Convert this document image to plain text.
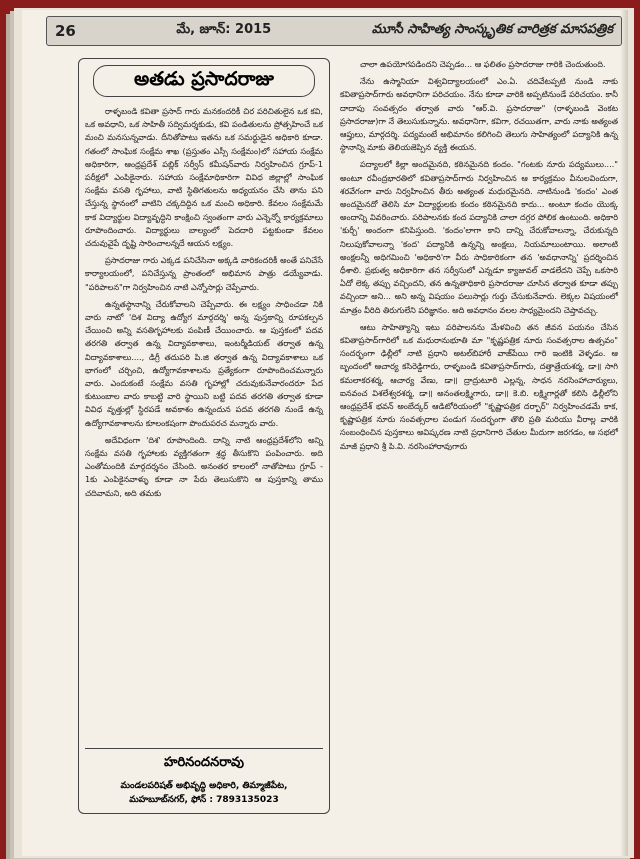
26	మే, జూన్: 2015	మూసీ సాహిత్య సాంస్కృతిక చారిత్రక మాసపత్రిక
అతడు ప్రసాదరాజు

రాళ్ళబండి కవితా ప్రసాద్ గారు మనకందరికీ చిర పరిచితులైన ఒక కవి, ఒక అవధాని, ఒక సాహితీ సద్విమర్శకుడు, కవి పండితులను ప్రోత్సహించే ఒక మంచి మనసున్నవాడు. దీనితోపాటు ఇతను ఒక సమర్థుడైన అధికారి కూడా. గతంలో సాంఘిక సంక్షేమ శాఖ (ప్రస్తుతం ఎస్సీ సంక్షేమం)లో సహాయ సంక్షేమ అధికారిగా, ఆంధ్రప్రదేశ్ పబ్లిక్ సర్వీస్ కమీషన్‌వారు నిర్వహించిన గ్రూప్-1 పరీక్షలో ఎంపికైనారు. సహాయ సంక్షేమాధికారిగా వివిధ జిల్లాల్లో సాంఘిక సంక్షేమ వసతి గృహాలు, వాటి స్థితిగతులను అధ్యయనం చేసి తాను పని చేస్తున్న స్థానంలో వాటిని చక్కదిద్దిన ఒక మంచి అధికారి. కేవలం సంక్షేమమే కాక విద్యార్థుల విద్యావృద్ధిని కాంక్షించి స్వంతంగా వారు ఎన్నెన్నో కార్యక్రమాలు రూపొందించారు. విద్యార్థులు బాల్యంలో పెదదారి పట్టకుండా కేవలం చదువువైపే దృష్టి సారించాలన్నదే ఆయన లక్ష్యం.

ప్రసాదరాజు గారు ఎక్కడ పనిచేసినా అక్కడి వారికందరికీ అంతే పనిచేసే కార్యాలయంలో, పనిచేస్తున్న ప్రాంతంలో అభిమాన పాత్రు డయ్యేవాడు. "పరిపాలన"గా నిర్వహించిన నాటి ఎన్నోసార్లు చెప్పేవారు.

ఉన్నతస్థానాన్ని చేరుకోవాలని చెప్పేవారు. ఈ లక్ష్యం సాధించడా నికి వారు నాటో 'దిశ విద్యా ఉద్యోగ మార్గదర్శి' అన్న పుస్తకాన్ని రూపకల్పన చేయించి అన్ని వసతిగృహాలకు పంపిణీ చేయించారు. ఆ పుస్తకంలో పదవ తరగతి తర్వాత ఉన్న విద్యావకాశాలు, ఇంటర్మీడియట్ తర్వాత ఉన్న విద్యావకాశాలు...., డిగ్రీ తదుపరి పి.జి తర్వాత ఉన్న విద్యావకాశాలు ఒక భాగంలో చర్చించి, ఉద్యోగావకాశాలను ప్రత్యేకంగా రూపొందించమన్నారు వారు. ఎందుకంటే సంక్షేమ వసతి గృహాల్లో చదువుకునేవారందరూ పేద కుటుంబాల వారు కాబట్టి వారి స్థాయిని బట్టి పదవ తరగతి తర్వాత కూడా వివిధ వృత్తుల్లో స్థిరపడే అవకాశం ఉన్నందున పదవ తరగతి నుండే ఉన్న ఉద్యోగావకాశాలను కూలంకషంగా పొందుపరచ మన్నారు వారు.

అదేవిధంగా 'దిశ' రూపొందింది. దాన్ని నాటి ఆంధ్రప్రదేశ్‌లోని అన్ని సంక్షేమ వసతి గృహాలకు వ్యక్తిగతంగా శ్రద్ధ తీసుకొని పంపించారు. అది ఎంతోమందికి మార్గదర్శనం చేసింది. అనంతర కాలంలో నాతోపాటు గ్రూప్ - 1కు ఎంపికైనవాళ్ళు కూడా నా పేరు తెలుసుకొని ఆ పుస్తకాన్ని తాము చదివామని, అది తమకు

హరినందనరావు
మండలపరిషత్ అభివృద్ధి అధికారి, తిమ్మాజీపేట,
మహబూబ్‌నగర్, ఫోన్ : 7893135023

చాలా ఉపయోగపడిందని చెప్పడం... ఆ ఫలితం ప్రసాదరాజు గారికి చెందుతుంది.

నేను ఉస్మానియా విశ్వవిద్యాలయంలో ఎం.ఏ. చదివేటప్పటి నుండి నాకు కవితాప్రసాద్‌గారు అవధానిగా పరిచయం. నేను కూడా వారికి అప్పటినుండే పరిచయం. కానీ దాదాపు సంవత్సరం తర్వాత వారు "ఆర్.వి. ప్రసాదరాజు" (రాళ్ళబండి వెంకట ప్రసాదరాజు)గా నే తెలుసుకున్నాను. అవధానిగా, కవిగా, రచయితగా, వారు నాకు అత్యంత ఆప్తులు, మార్గదర్శి. పద్యమంటే అభిమానం కలిగించి తెలుగు సాహిత్యంలో పద్యానికి ఉన్న స్థానాన్ని మాకు తెలియజెప్పిన వ్యక్తి ఈయన.

పద్యాలలో కిల్లా అందమైనది, కఠినమైనది కందం. "గంటకు నూరు పద్యములు...." అంటూ రవీంద్రభారతిలో కవితాప్రసాద్‌గారు నిర్వహించిన ఆ కార్యక్రమం వీనులవిందుగా, శరవేగంగా వారు నిర్వహించిన తీరు అత్యంత మధురమైనది. నాటినుండి 'కందం' ఎంత అందమైనదో తెలిసి మా విద్యార్థులకు కందం కఠినమైనది కాదు... అంటూ కందం యొక్క అందాన్ని వివరించారు. పరిపాలనకు కంద పద్యానికి చాలా దగ్గర పోలిక ఉంటుంది. అధికారి 'కుర్చీ' అందంగా కనిపిస్తుంది. 'కందం'లాగా కాని దాన్ని చేరుకోవాలన్నా, చేరుకున్నది నిలుపుకోవాలన్నా 'కంద' పద్యానికి ఉన్నన్ని అంక్షలు, నియమాలుంటాయి. అలాంటి అంక్షలన్నీ అధిగమించి 'అధికారి'గా వీరు సాధికారికంగా తన 'అవధానాన్ని' ప్రదర్శించిన ధీశాలి. ప్రభుత్వ అధికారిగా తన సర్వీసులో ఎన్నడూ క్యాజువల్ వాడలేదని చెప్పే ఒకసారి ఏదో లెక్క తప్పు వచ్చిందని, తన ఉన్నతాధికారి ప్రసాదరాజు చూసిన తర్వాత కూడా తప్పు వచ్చిందా అని... అని అన్న విషయం పలుసార్లు గుర్తు చేసుకునేవారు. లెక్కల విషయంలో మాత్రం వీరిది తిరుగులేని పరిజ్ఞానం. అది అవధానం వలల సాధ్యమైందని చెప్తావచ్చు.

ఆటు సాహిత్యాన్ని ఇటు పరిపాలనను మేళవించి తన జీవన పయనం చేసిన కవితాప్రసాద్‌గారిలో ఒక మధురానుభూతి మా "కృష్ణపత్రిక నూరు సంవత్సరాల ఉత్సవం" సందర్భంగా ఢిల్లీలో నాటి ప్రధాని అటల్‌బిహారీ వాజ్‌పేయి గారి ఇంటికి వెళ్ళడం. ఆ బృందంలో ఆచార్య కసిరెడ్డిగారు, రాళ్ళబండి కవితాప్రసాద్‌గారు, దత్తాత్రేయశర్మ, డా॥ సాగి కమలాకరశర్మ, ఆచార్య వేణు, డా॥ ద్రాద్రుటూరి ఎల్లన్న, సాధన నరసింహాచార్యులు, ఐనవంచ విశలేశ్వరశర్మ, డా॥ అనంతలక్ష్మిగారు, డా॥ కె.బి. లక్ష్మిగార్లతో కలిసి ఢిల్లీలోని ఆంధ్రప్రదేశ్ భవన్ అంబేద్కర్ ఆడిటోరియంలో "కృష్ణాపత్రిక దర్బార్" నిర్వహించడమే కాక, కృష్ణాపత్రిక నూరు సంవత్సరాల పండుగ సందర్భంగా తొలి ప్రతి మరియు వీరాల్ల వారికి సంబంధించిన పుస్తకాలు అవిష్కరణ నాటి ప్రధానిగారి చేతుల మీదుగా జరగడం, ఆ సభలో మాజీ ప్రధాని శ్రీ పి.వి. నరసింహారావుగారు
